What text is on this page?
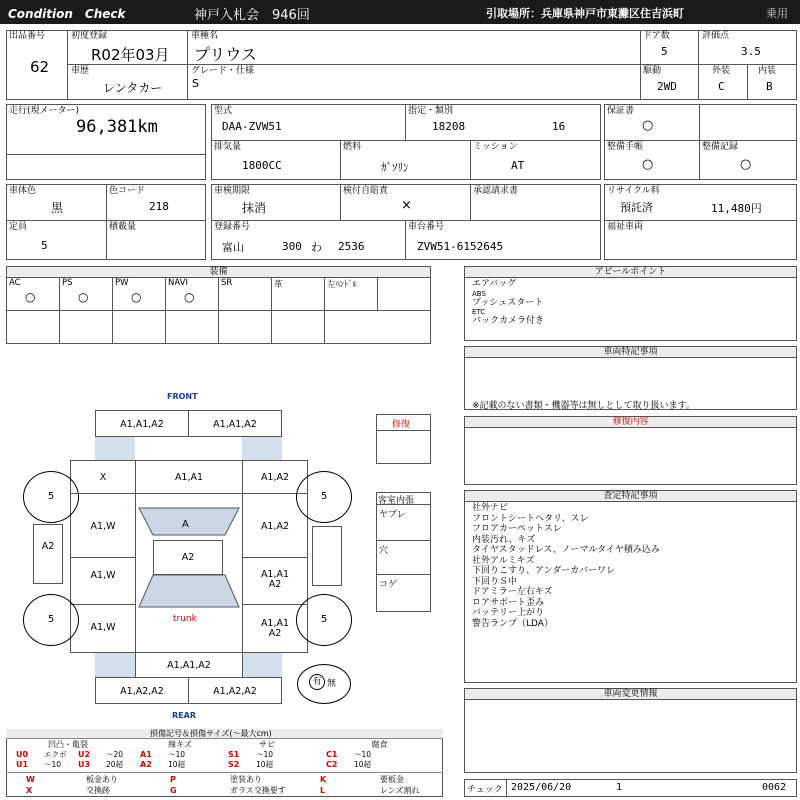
Condition　Check	神戸入札会　946回	引取場所：兵庫県神戸市東灘区住吉浜町	乗用
出品番号
62
初度登録
R02年03月
車種名
プリウス
ドア数
5
評価点
3.5
車歴
レンタカー
グレード・仕様
S
駆動
2WD
外装
C
内装
B
走行(現メーター)
96,381km
型式
DAA-ZVW51
指定・類別
18208	16
排気量
1800CC
燃料
ｶﾞｿﾘﾝ
ミッション
AT
保証書
○
整備手帳
○
整備記録
○
車体色
黒
色コード
218
定員
5
積載量
車検期限
抹消
検付自賠責
×
承認請求書
登録番号
富山	300 わ 2536
車台番号
ZVW51-6152645
リサイクル料
預託済	11,480円
福祉車両
装備
AC
○
PS
○
PW
○
NAVI
○
SR	革	左ﾊﾝﾄﾞﾙ
アピールポイント
エアバッグ
ABS
プッシュスタート
ETC
バックカメラ付き
車両特記事項
※記載のない書類・機器等は無しとして取り扱います。
修復内容
査定特記事項
社外ナビ
フロントシートヘタリ、スレ
フロアカーペットスレ
内装汚れ、キズ
タイヤスタッドレス、ノーマルタイヤ積み込み
社外アルミキズ
下回りこすり、アンダーカバーワレ
下回りＳ中
ドアミラー左右キズ
ロアサポート歪み
バッテリー上がり
警告ランプ（LDA）
車両変更情報
チェック 2025/06/20	1	0062
修復
客室内張
ヤブレ
穴
コゲ
FRONT
REAR
A1,A1,A2	A1,A1,A2
X	A1,A1	A1,A2
A1,W	A1,A2
A1,W	A1,A1
A2
A1,W	A1,A1
A2
A
A2
trunk
A1,A1,A2
A1,A2,A2	A1,A2,A2
A2
5	5
5	5
有 無
損傷記号＆損傷サイズ(～最大cm)
凹凸・亀裂	線キズ	サビ	腐食
U0 エクボ U2 ～20 A1 ～10	S1 ～10	C1 ～10
U1 ～10 U3 20超 A2 10超	S2 10超	C2 10超
W	板金あり	P	塗装あり	K	要板金
X	交換跡	G	ガラス交換要す	L	レンズ割れ
